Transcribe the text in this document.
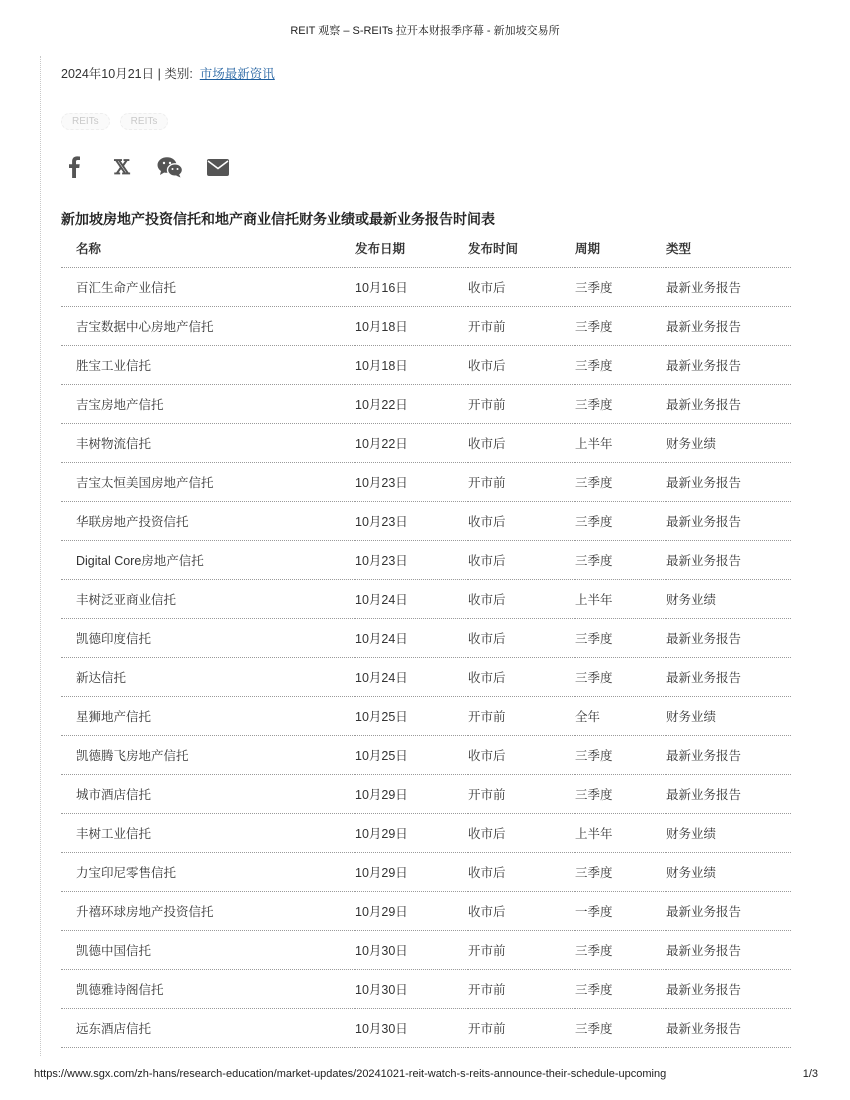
REIT 观察 – S-REITs 拉开本财报季序幕 - 新加坡交易所
2024年10月21日 | 类别: 市场最新资讯
REITs	REITs
𝕏
新加坡房地产投资信托和地产商业信托财务业绩或最新业务报告时间表
名称	发布日期	发布时间	周期	类型
百汇生命产业信托	10月16日	收市后	三季度	最新业务报告
吉宝数据中心房地产信托	10月18日	开市前	三季度	最新业务报告
胜宝工业信托	10月18日	收市后	三季度	最新业务报告
吉宝房地产信托	10月22日	开市前	三季度	最新业务报告
丰树物流信托	10月22日	收市后	上半年	财务业绩
吉宝太恒美国房地产信托	10月23日	开市前	三季度	最新业务报告
华联房地产投资信托	10月23日	收市后	三季度	最新业务报告
Digital Core房地产信托	10月23日	收市后	三季度	最新业务报告
丰树泛亚商业信托	10月24日	收市后	上半年	财务业绩
凯德印度信托	10月24日	收市后	三季度	最新业务报告
新达信托	10月24日	收市后	三季度	最新业务报告
星狮地产信托	10月25日	开市前	全年	财务业绩
凯德腾飞房地产信托	10月25日	收市后	三季度	最新业务报告
城市酒店信托	10月29日	开市前	三季度	最新业务报告
丰树工业信托	10月29日	收市后	上半年	财务业绩
力宝印尼零售信托	10月29日	收市后	三季度	财务业绩
升禧环球房地产投资信托	10月29日	收市后	一季度	最新业务报告
凯德中国信托	10月30日	开市前	三季度	最新业务报告
凯德雅诗阁信托	10月30日	开市前	三季度	最新业务报告
远东酒店信托	10月30日	开市前	三季度	最新业务报告
https://www.sgx.com/zh-hans/research-education/market-updates/20241021-reit-watch-s-reits-announce-their-schedule-upcoming	1/3
